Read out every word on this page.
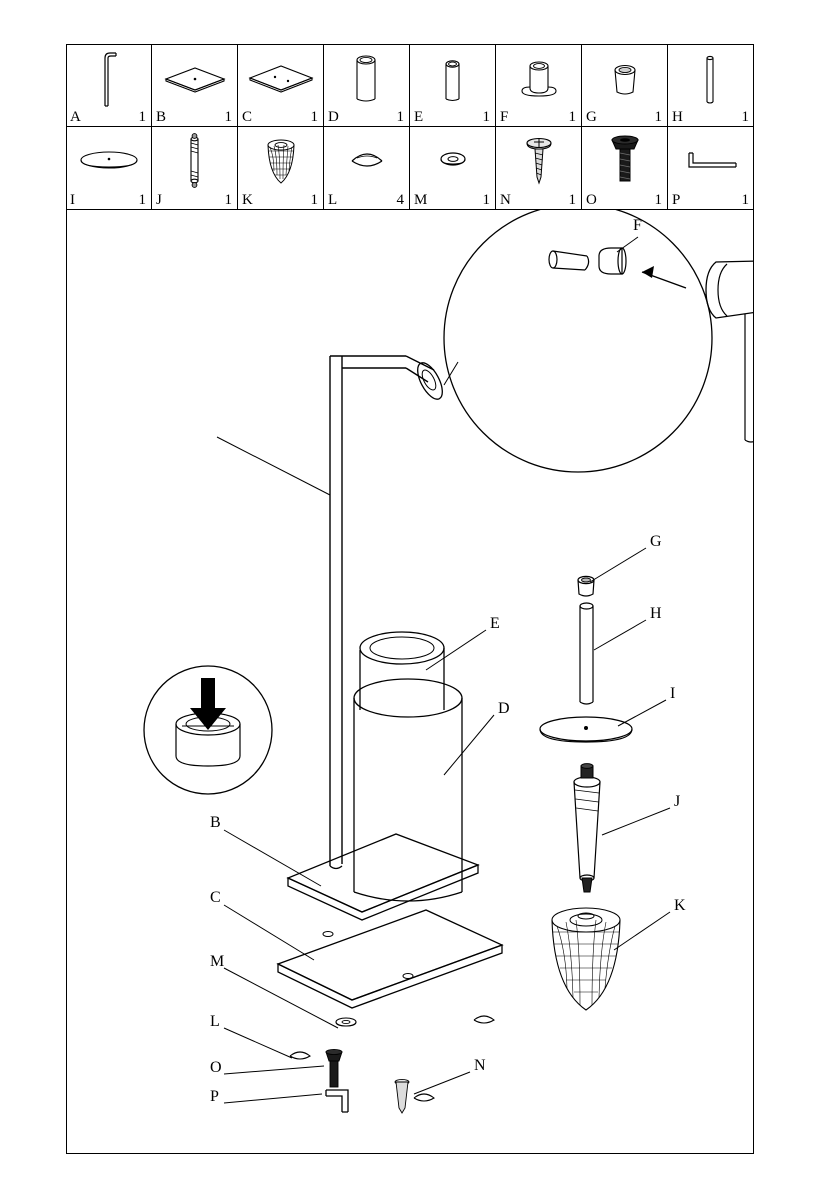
A	1 B	1 C	1 D	1 E	1 F	1 G	1 H	1
I	1 J	1 K	1 L	4 M	1 N	1 O	1 P	1
F
A
E
D
B
C
G
H
I
J
K
M
L
O	N
P
